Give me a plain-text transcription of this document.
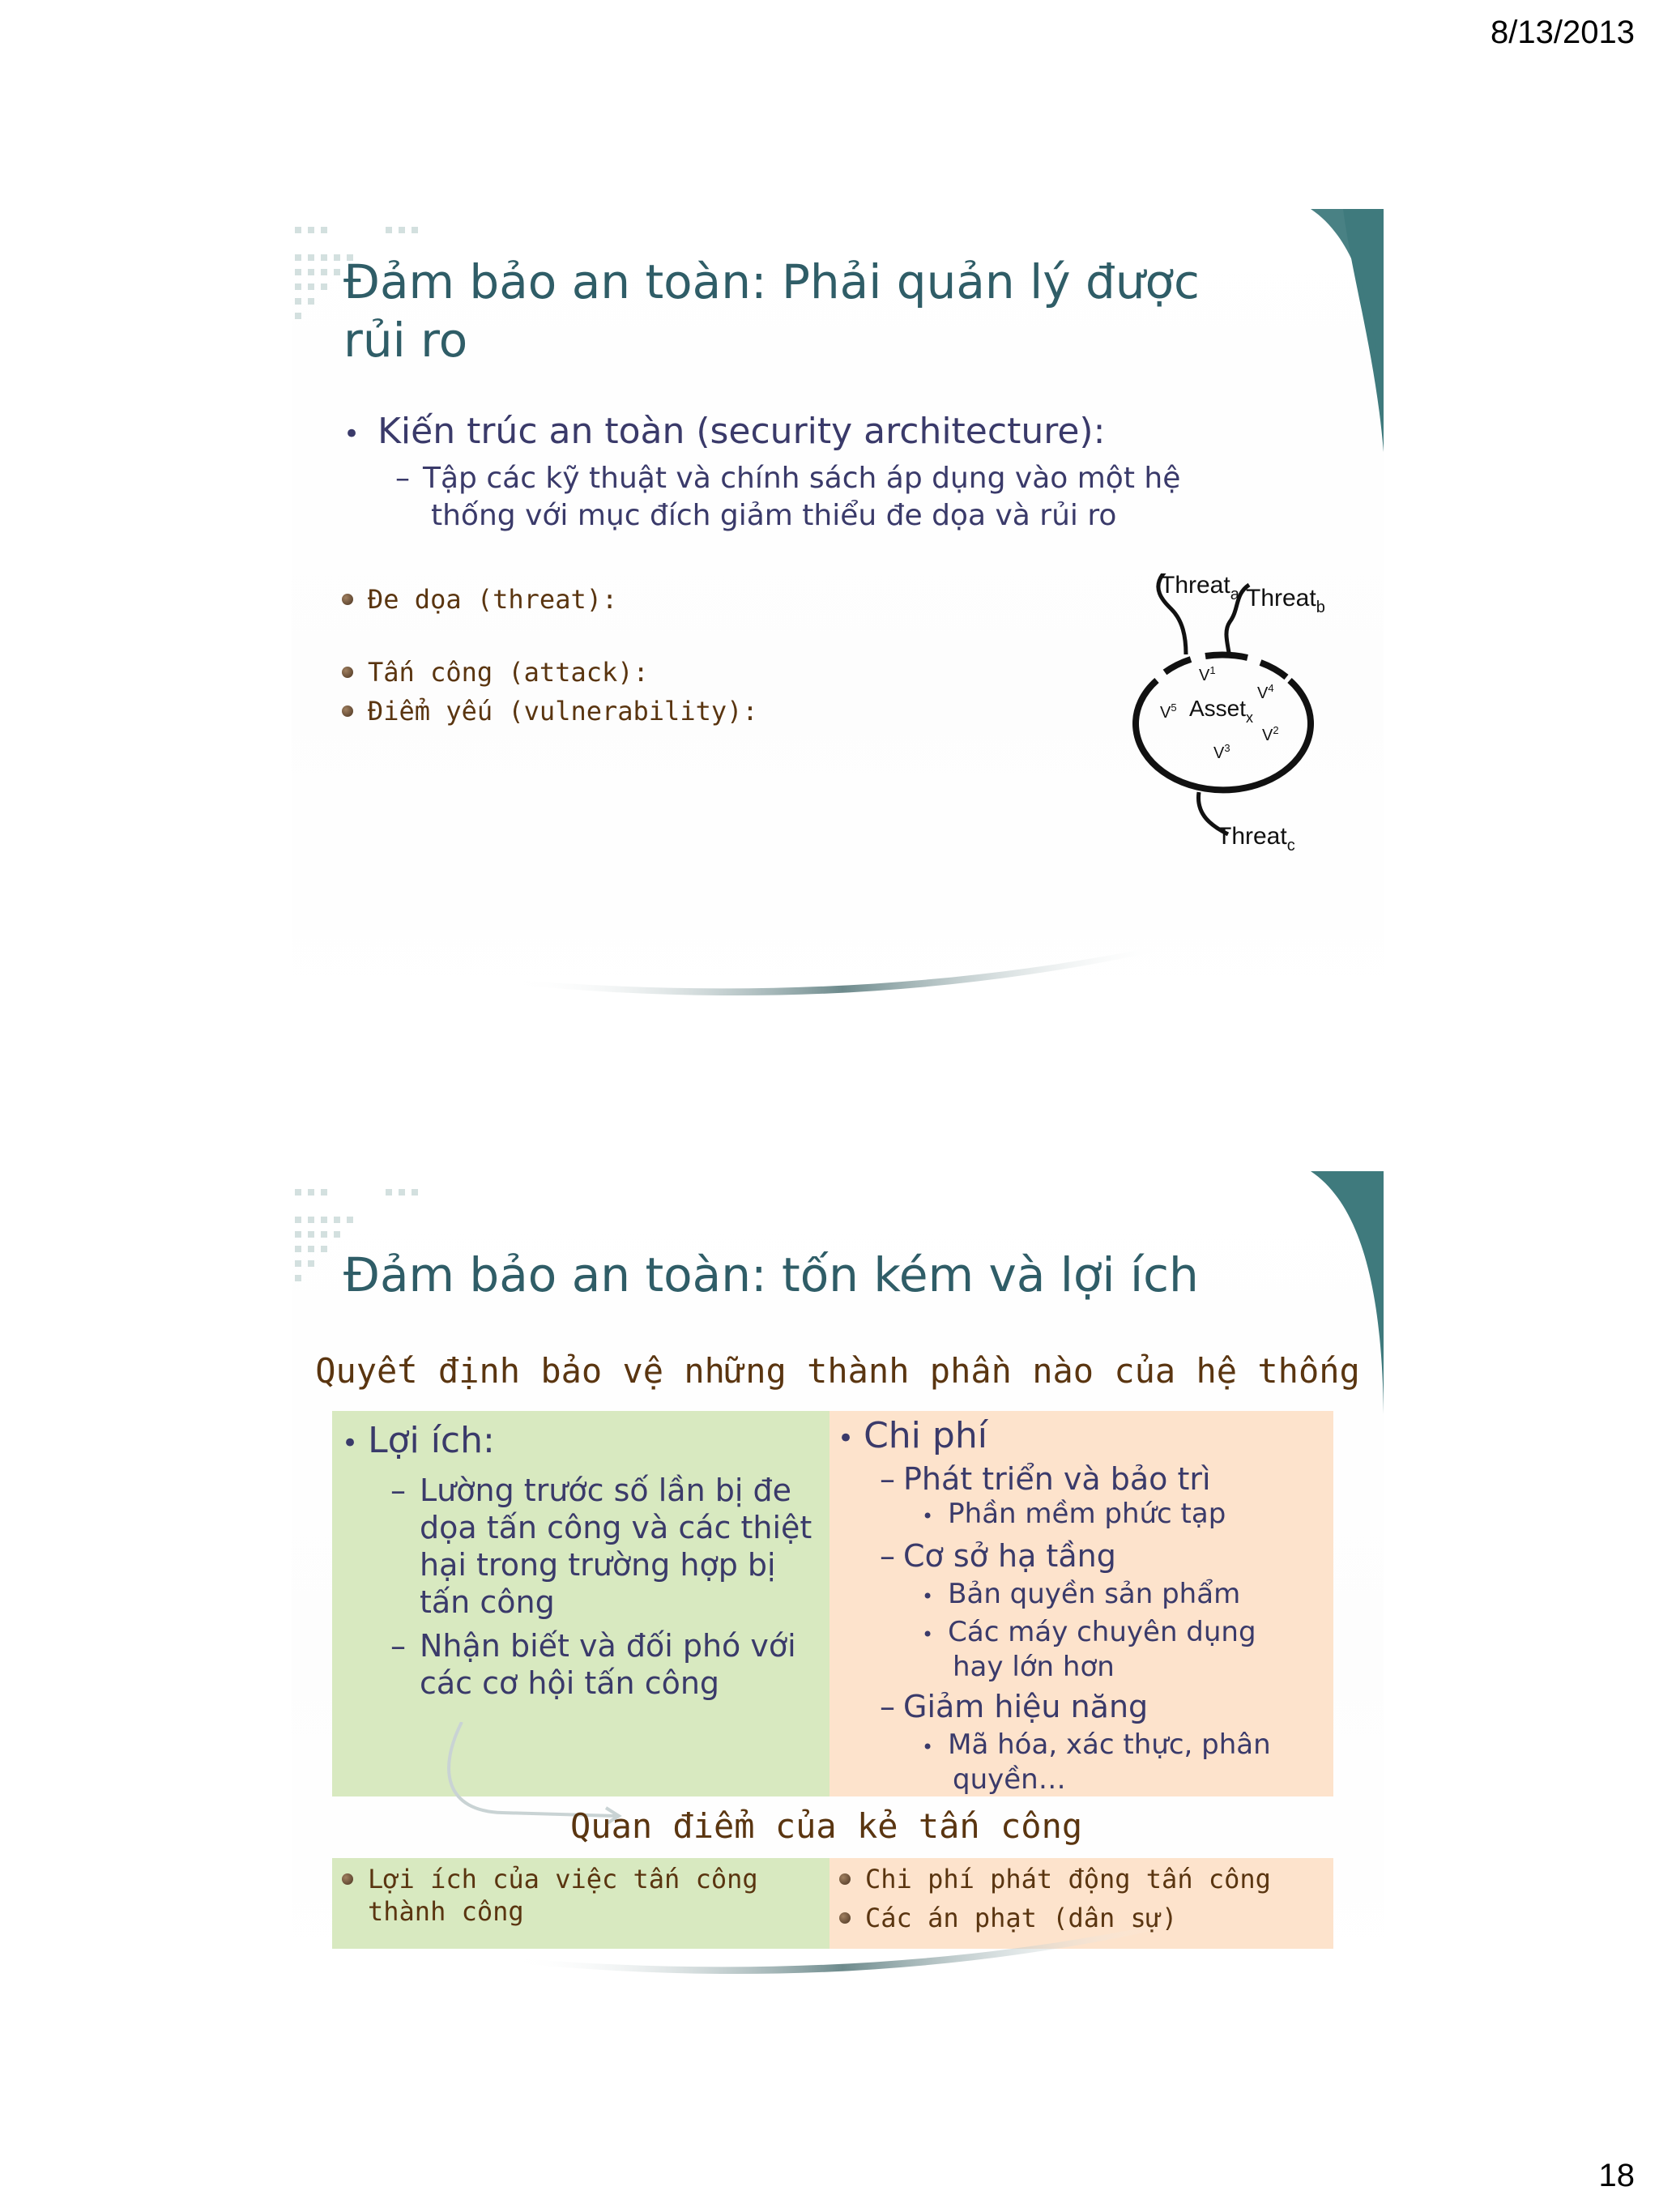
8/13/2013
Đảm bảo an toàn: Phải quản lý được
rủi ro
• Kiến trúc an toàn (security architecture):
– Tập các kỹ thuật và chính sách áp dụng vào một hệ
thống với mục đích giảm thiểu đe dọa và rủi ro
Đe dọa (threat):
Tấn công (attack):
Điểm yếu (vulnerability):
Threat$_a$ Threat$_b$
Threat$_c$
Asset$_x$
$V^1$
$V^4$
$V^5$
$V^2$
$V^3$
Đảm bảo an toàn: tốn kém và lợi ích
Quyết định bảo vệ những thành phần nào của hệ thống
• Lợi ích:
– Lường trước số lần bị đe
dọa tấn công và các thiệt
hại trong trường hợp bị
tấn công
– Nhận biết và đối phó với
các cơ hội tấn công
• Chi phí
– Phát triển và bảo trì
• Phần mềm phức tạp
– Cơ sở hạ tầng
• Bản quyền sản phẩm
• Các máy chuyên dụng
hay lớn hơn
– Giảm hiệu năng
• Mã hóa, xác thực, phân
quyền…
Quan điểm của kẻ tấn công
Lợi ích của việc tấn công
thành công
Chi phí phát động tấn công
Các án phạt (dân sự)
18
